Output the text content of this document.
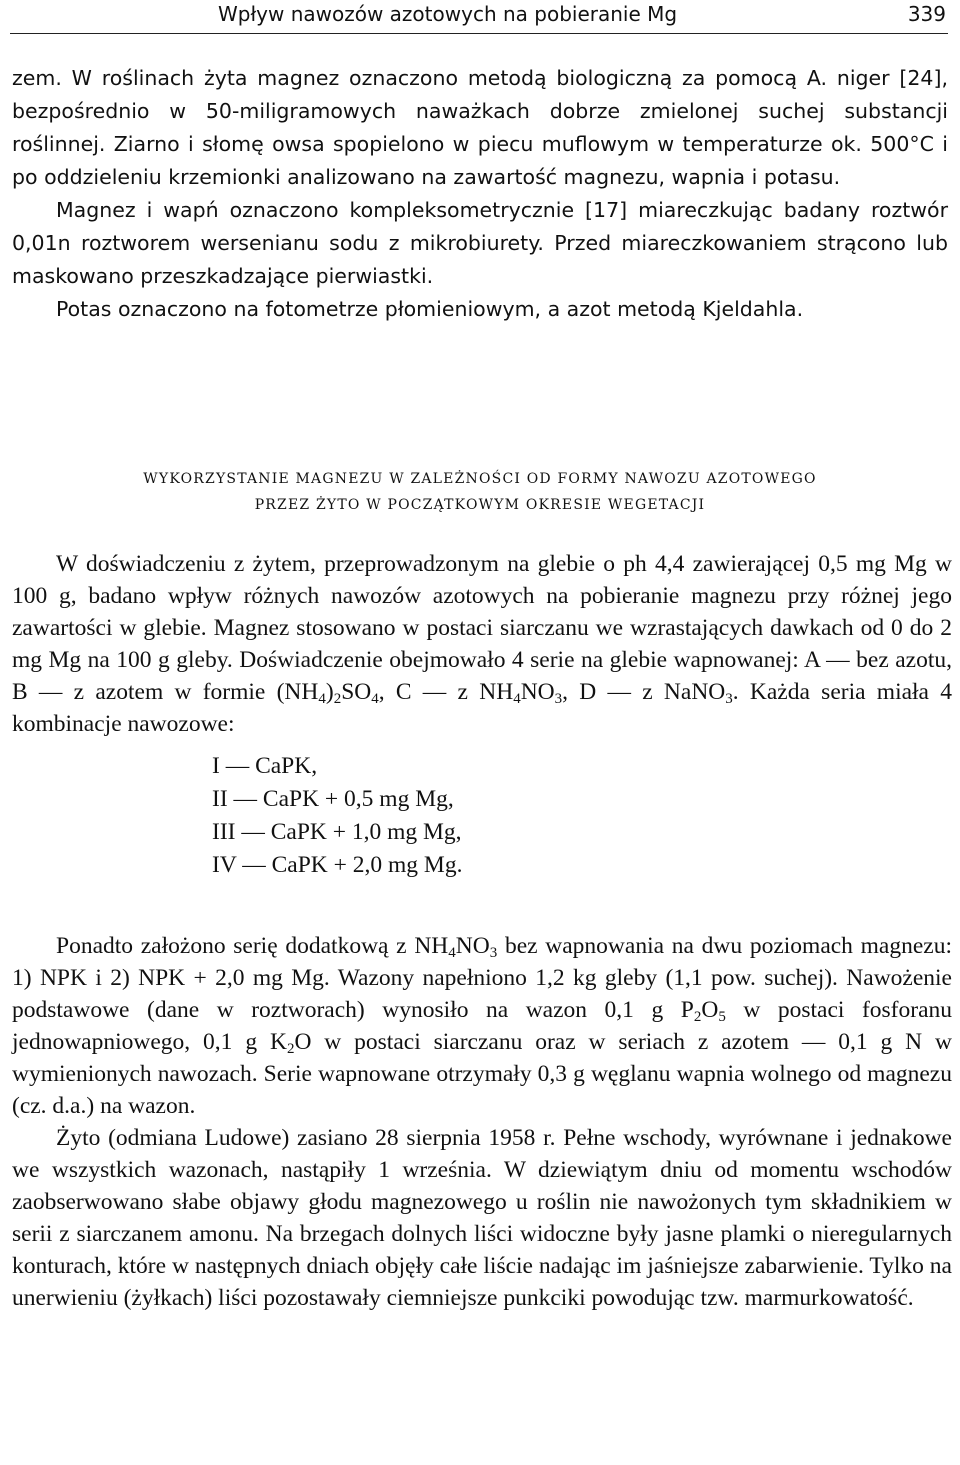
Wpływ nawozów azotowych na pobieranie Mg	339

zem. W roślinach żyta magnez oznaczono metodą biologiczną za pomocą A. niger [24], bezpośrednio w 50-miligramowych naważkach dobrze zmielonej suchej substancji roślinnej. Ziarno i słomę owsa spopielono w piecu muflowym w temperaturze ok. 500°C i po oddzieleniu krzemionki analizowano na zawartość magnezu, wapnia i potasu.

Magnez i wapń oznaczono kompleksometrycznie [17] miareczkując badany roztwór 0,01n roztworem wersenianu sodu z mikrobiurety. Przed miareczkowaniem strącono lub maskowano przeszkadzające pierwiastki.

Potas oznaczono na fotometrze płomieniowym, a azot metodą Kjeldahla.

WYKORZYSTANIE MAGNEZU W ZALEŻNOŚCI OD FORMY NAWOZU AZOTOWEGO
PRZEZ ŻYTO W POCZĄTKOWYM OKRESIE WEGETACJI

W doświadczeniu z żytem, przeprowadzonym na glebie o ph 4,4 zawierającej 0,5 mg Mg w 100 g, badano wpływ różnych nawozów azotowych na pobieranie magnezu przy różnej jego zawartości w glebie. Magnez stosowano w postaci siarczanu we wzrastających dawkach od 0 do 2 mg Mg na 100 g gleby. Doświadczenie obejmowało 4 serie na glebie wapnowanej: A — bez azotu, B — z azotem w formie $(NH_4)_2SO_4$, C — z $NH_4NO_3$, D — z NaNO$_3$. Każda seria miała 4 kombinacje nawozowe:

I — CaPK,
II — CaPK + 0,5 mg Mg,
III — CaPK + 1,0 mg Mg,
IV — CaPK + 2,0 mg Mg.

Ponadto założono serię dodatkową z $NH_4NO_3$ bez wapnowania na dwu poziomach magnezu: 1) NPK i 2) NPK + 2,0 mg Mg. Wazony napełniono 1,2 kg gleby (1,1 pow. suchej). Nawożenie podstawowe (dane w roztworach) wynosiło na wazon 0,1 g $P_2O_5$ w postaci fosforanu jednowapniowego, 0,1 g $K_2O$ w postaci siarczanu oraz w seriach z azotem — 0,1 g N w wymienionych nawozach. Serie wapnowane otrzymały 0,3 g węglanu wapnia wolnego od magnezu (cz. d.a.) na wazon.

Żyto (odmiana Ludowe) zasiano 28 sierpnia 1958 r. Pełne wschody, wyrównane i jednakowe we wszystkich wazonach, nastąpiły 1 września. W dziewiątym dniu od momentu wschodów zaobserwowano słabe objawy głodu magnezowego u roślin nie nawożonych tym składnikiem w serii z siarczanem amonu. Na brzegach dolnych liści widoczne były jasne plamki o nieregularnych konturach, które w następnych dniach objęły całe liście nadając im jaśniejsze zabarwienie. Tylko na unerwieniu (żyłkach) liści pozostawały ciemniejsze punkciki powodując tzw. marmurkowatość.
